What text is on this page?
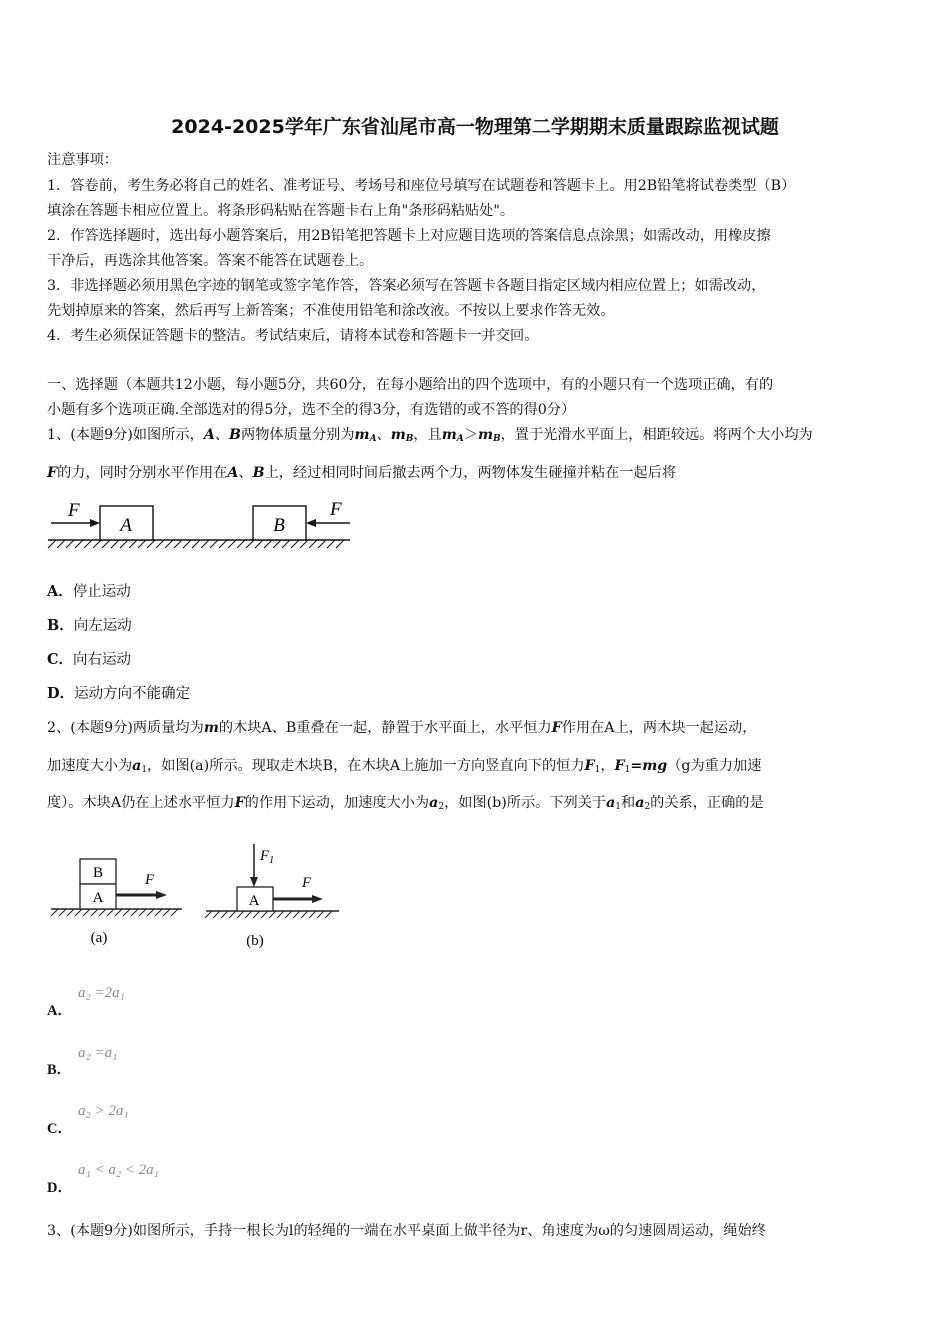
2024-2025学年广东省汕尾市高一物理第二学期期末质量跟踪监视试题
注意事项：
1．答卷前，考生务必将自己的姓名、准考证号、考场号和座位号填写在试题卷和答题卡上。用2B铅笔将试卷类型（B）
填涂在答题卡相应位置上。将条形码粘贴在答题卡右上角"条形码粘贴处"。
2．作答选择题时，选出每小题答案后，用2B铅笔把答题卡上对应题目选项的答案信息点涂黑；如需改动，用橡皮擦
干净后，再选涂其他答案。答案不能答在试题卷上。
3．非选择题必须用黑色字迹的钢笔或签字笔作答，答案必须写在答题卡各题目指定区域内相应位置上；如需改动，
先划掉原来的答案，然后再写上新答案；不准使用铅笔和涂改液。不按以上要求作答无效。
4．考生必须保证答题卡的整洁。考试结束后，请将本试卷和答题卡一并交回。
一、选择题（本题共12小题，每小题5分，共60分，在每小题给出的四个选项中，有的小题只有一个选项正确，有的
小题有多个选项正确.全部选对的得5分，选不全的得3分，有选错的或不答的得0分）
1、(本题9分)如图所示，A、B两物体质量分别为$m_A$、$m_B$，且$m_A>m_B$，置于光滑水平面上，相距较远。将两个大小均为
F的力，同时分别水平作用在A、B上，经过相同时间后撤去两个力，两物体发生碰撞并粘在一起后将
A	B
F	F
A．停止运动
B．向左运动
C．向右运动
D．运动方向不能确定
2、(本题9分)两质量均为m的木块A、B重叠在一起，静置于水平面上，水平恒力F作用在A上，两木块一起运动，
加速度大小为$a_1$，如图(a)所示。现取走木块B，在木块A上施加一方向竖直向下的恒力$F_1$，$F_1=mg(g$为重力加速
度）。木块A仍在上述水平恒力F的作用下运动，加速度大小为$a_2$，如图(b)所示。下列关于$a_1$和$a_2$的关系，正确的是
B
A
F
(a)
A
$F_1$
F
(b)
A．
a₂ =2a₁
B．
a₂ =a₁
C．
a₂ > 2a₁
D．
a₁ < a₂ < 2a₁
3、(本题9分)如图所示，手持一根长为l的轻绳的一端在水平桌面上做半径为r、角速度为ω的匀速圆周运动，绳始终
